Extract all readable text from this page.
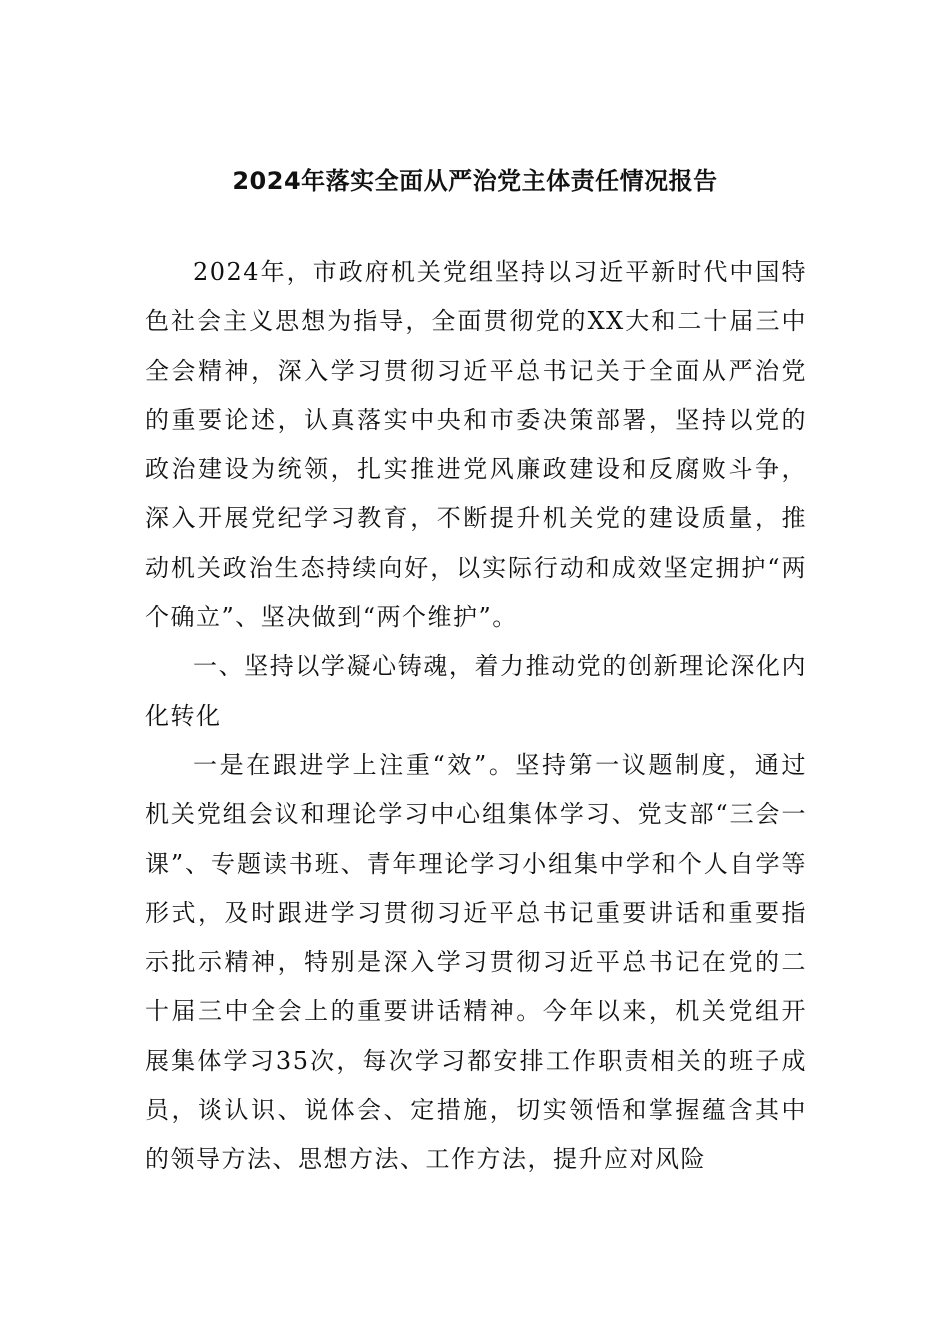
2024年落实全面从严治党主体责任情况报告

2024年，市政府机关党组坚持以习近平新时代中国特色社会主义思想为指导，全面贯彻党的XX大和二十届三中全会精神，深入学习贯彻习近平总书记关于全面从严治党的重要论述，认真落实中央和市委决策部署，坚持以党的政治建设为统领，扎实推进党风廉政建设和反腐败斗争，深入开展党纪学习教育，不断提升机关党的建设质量，推动机关政治生态持续向好，以实际行动和成效坚定拥护“两个确立”、坚决做到“两个维护”。

一、坚持以学凝心铸魂，着力推动党的创新理论深化内化转化

一是在跟进学上注重“效”。坚持第一议题制度，通过机关党组会议和理论学习中心组集体学习、党支部“三会一课”、专题读书班、青年理论学习小组集中学和个人自学等形式，及时跟进学习贯彻习近平总书记重要讲话和重要指示批示精神，特别是深入学习贯彻习近平总书记在党的二十届三中全会上的重要讲话精神。今年以来，机关党组开展集体学习35次，每次学习都安排工作职责相关的班子成员，谈认识、说体会、定措施，切实领悟和掌握蕴含其中的领导方法、思想方法、工作方法，提升应对风险
